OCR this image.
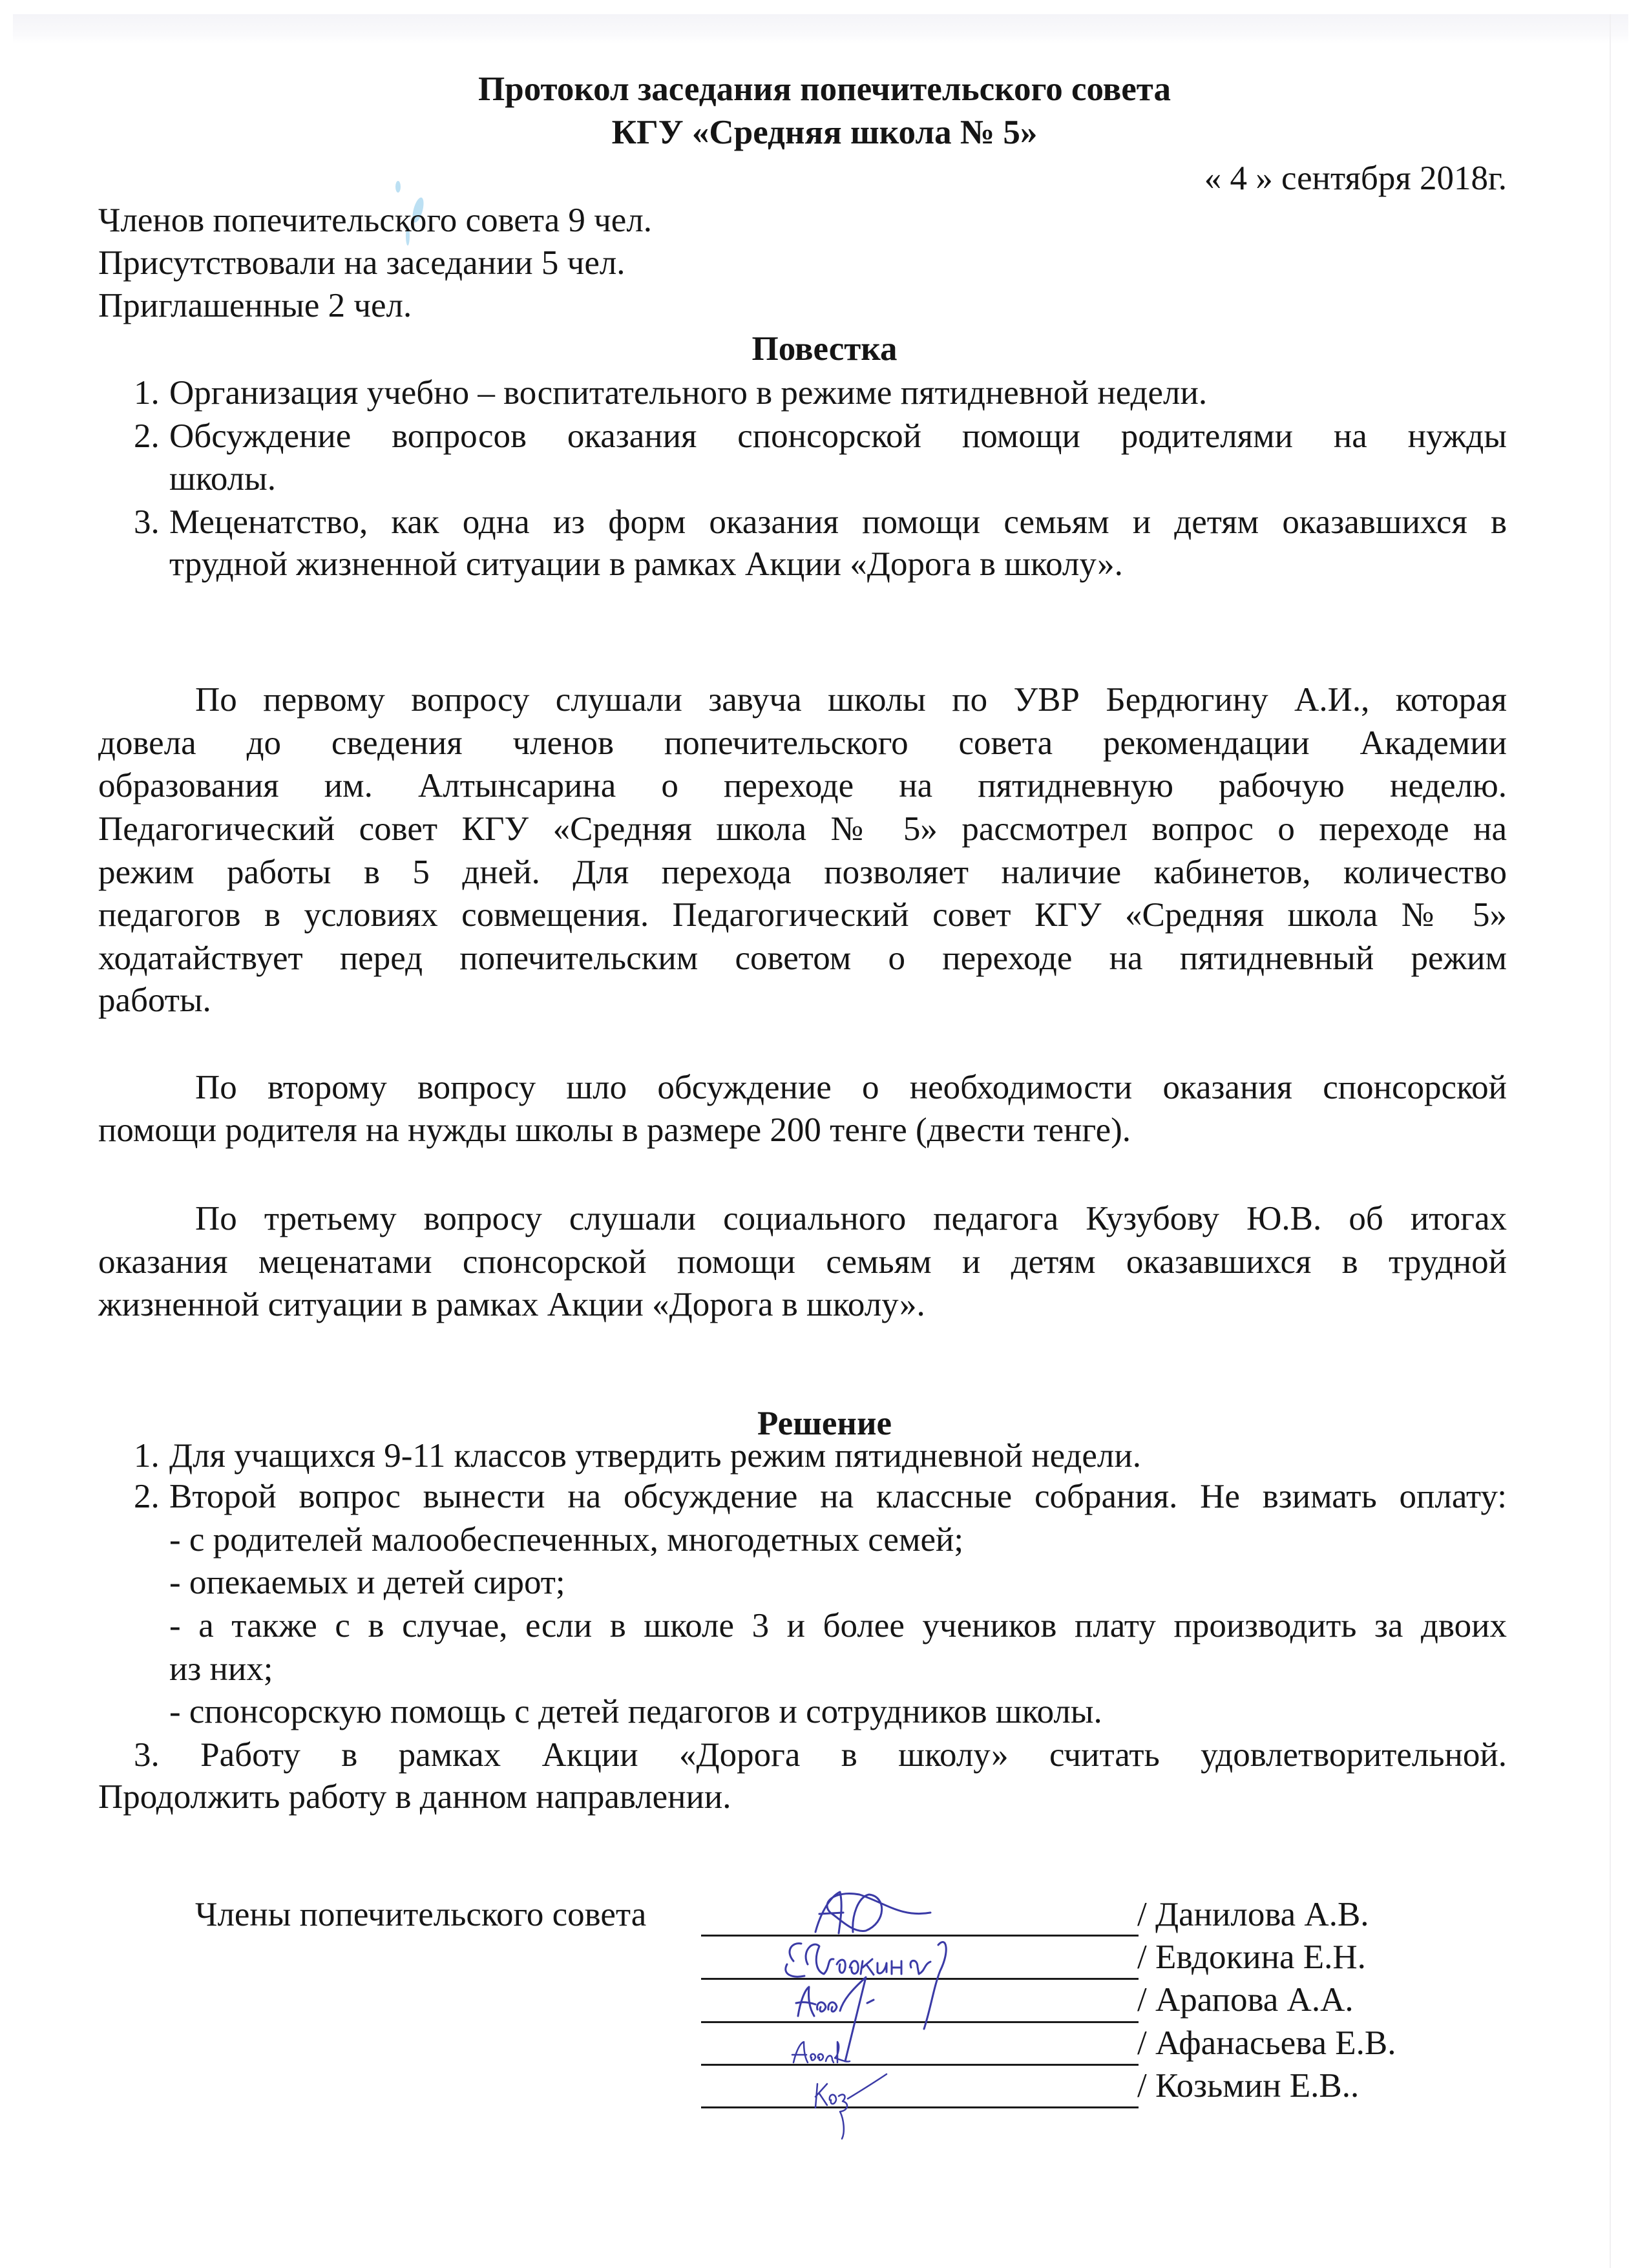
Протокол заседания попечительского совета
КГУ «Средняя школа № 5»
« 4 » сентября 2018г.
Членов попечительского совета 9 чел.
Присутствовали на заседании 5 чел.
Приглашенные 2 чел.
Повестка
1. Организация учебно – воспитательного в режиме пятидневной недели.
2. Обсуждение вопросов оказания спонсорской помощи родителями на нужды
школы.
3. Меценатство, как одна из форм оказания помощи семьям и детям оказавшихся в
трудной жизненной ситуации в рамках Акции «Дорога в школу».
По первому вопросу слушали завуча школы по УВР Бердюгину А.И., которая
довела до сведения членов попечительского совета рекомендации Академии
образования им. Алтынсарина о переходе на пятидневную рабочую неделю.
Педагогический совет КГУ «Средняя школа № 5» рассмотрел вопрос о переходе на
режим работы в 5 дней. Для перехода позволяет наличие кабинетов, количество
педагогов в условиях совмещения. Педагогический совет КГУ «Средняя школа № 5»
ходатайствует перед попечительским советом о переходе на пятидневный режим
работы.
По второму вопросу шло обсуждение о необходимости оказания спонсорской
помощи родителя на нужды школы в размере 200 тенге (двести тенге).
По третьему вопросу слушали социального педагога Кузубову Ю.В. об итогах
оказания меценатами спонсорской помощи семьям и детям оказавшихся в трудной
жизненной ситуации в рамках Акции «Дорога в школу».
Решение
1. Для учащихся 9-11 классов утвердить режим пятидневной недели.
2. Второй вопрос вынести на обсуждение на классные собрания. Не взимать оплату:
- с родителей малообеспеченных, многодетных семей;
- опекаемых и детей сирот;
- а также с в случае, если в школе 3 и более учеников плату производить за двоих
из них;
- спонсорскую помощь с детей педагогов и сотрудников школы.
3. Работу в рамках Акции «Дорога в школу» считать удовлетворительной.
Продолжить работу в данном направлении.
Члены попечительского совета	/ Данилова А.В.
/ Евдокина Е.Н.
/ Арапова А.А.
/ Афанасьева Е.В.
/ Козьмин Е.В..
